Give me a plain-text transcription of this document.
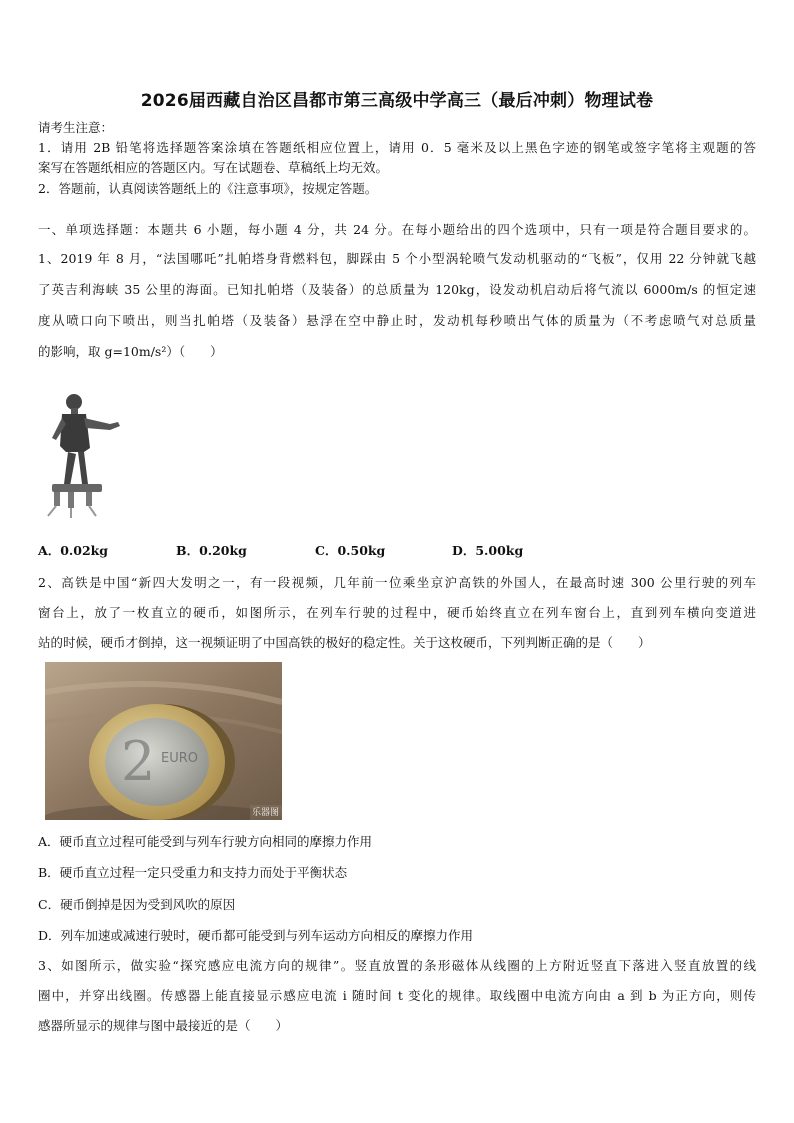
2026届西藏自治区昌都市第三高级中学高三（最后冲刺）物理试卷
请考生注意：
1．请用 2B 铅笔将选择题答案涂填在答题纸相应位置上，请用 0．5 毫米及以上黑色字迹的钢笔或签字笔将主观题的答
案写在答题纸相应的答题区内。写在试题卷、草稿纸上均无效。
2．答题前，认真阅读答题纸上的《注意事项》，按规定答题。
一、单项选择题：本题共 6 小题，每小题 4 分，共 24 分。在每小题给出的四个选项中，只有一项是符合题目要求的。
1、2019 年 8 月，“法国哪吒”扎帕塔身背燃料包，脚踩由 5 个小型涡轮喷气发动机驱动的“飞板”，仅用 22 分钟就飞越
了英吉利海峡 35 公里的海面。已知扎帕塔（及装备）的总质量为 120kg，设发动机启动后将气流以 6000m/s 的恒定速
度从喷口向下喷出，则当扎帕塔（及装备）悬浮在空中静止时，发动机每秒喷出气体的质量为（不考虑喷气对总质量
的影响，取 g=10m/s²）（　　）
A．0.02kg	B．0.20kg	C．0.50kg	D．5.00kg
2、高铁是中国“新四大发明之一，有一段视频，几年前一位乘坐京沪高铁的外国人，在最高时速 300 公里行驶的列车
窗台上，放了一枚直立的硬币，如图所示，在列车行驶的过程中，硬币始终直立在列车窗台上，直到列车横向变道进
站的时候，硬币才倒掉，这一视频证明了中国高铁的极好的稳定性。关于这枚硬币，下列判断正确的是（　　）
2 EURO
乐器图
A．硬币直立过程可能受到与列车行驶方向相同的摩擦力作用
B．硬币直立过程一定只受重力和支持力而处于平衡状态
C．硬币倒掉是因为受到风吹的原因
D．列车加速或减速行驶时，硬币都可能受到与列车运动方向相反的摩擦力作用
3、如图所示，做实验“探究感应电流方向的规律”。竖直放置的条形磁体从线圈的上方附近竖直下落进入竖直放置的线
圈中，并穿出线圈。传感器上能直接显示感应电流 i 随时间 t 变化的规律。取线圈中电流方向由 a 到 b 为正方向，则传
感器所显示的规律与图中最接近的是（　　）
